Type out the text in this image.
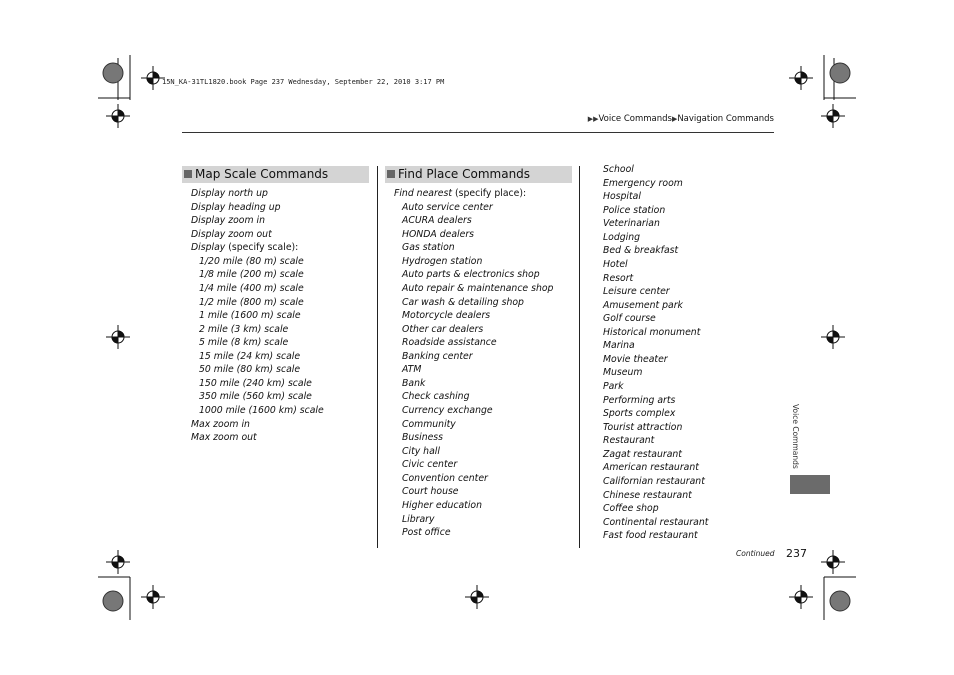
15N_KA-31TL1820.book Page 237 Wednesday, September 22, 2010 3:17 PM
▶▶Voice Commands▶Navigation Commands
Map Scale Commands
Display north up
Display heading up
Display zoom in
Display zoom out
Display (specify scale):
1/20 mile (80 m) scale
1/8 mile (200 m) scale
1/4 mile (400 m) scale
1/2 mile (800 m) scale
1 mile (1600 m) scale
2 mile (3 km) scale
5 mile (8 km) scale
15 mile (24 km) scale
50 mile (80 km) scale
150 mile (240 km) scale
350 mile (560 km) scale
1000 mile (1600 km) scale
Max zoom in
Max zoom out
Find Place Commands
Find nearest (specify place):
Auto service center
ACURA dealers
HONDA dealers
Gas station
Hydrogen station
Auto parts & electronics shop
Auto repair & maintenance shop
Car wash & detailing shop
Motorcycle dealers
Other car dealers
Roadside assistance
Banking center
ATM
Bank
Check cashing
Currency exchange
Community
Business
City hall
Civic center
Convention center
Court house
Higher education
Library
Post office
School
Emergency room
Hospital
Police station
Veterinarian
Lodging
Bed & breakfast
Hotel
Resort
Leisure center
Amusement park
Golf course
Historical monument
Marina
Movie theater
Museum
Park
Performing arts
Sports complex
Tourist attraction
Restaurant
Zagat restaurant
American restaurant
Californian restaurant
Chinese restaurant
Coffee shop
Continental restaurant
Fast food restaurant
Voice Commands
Continued 237
